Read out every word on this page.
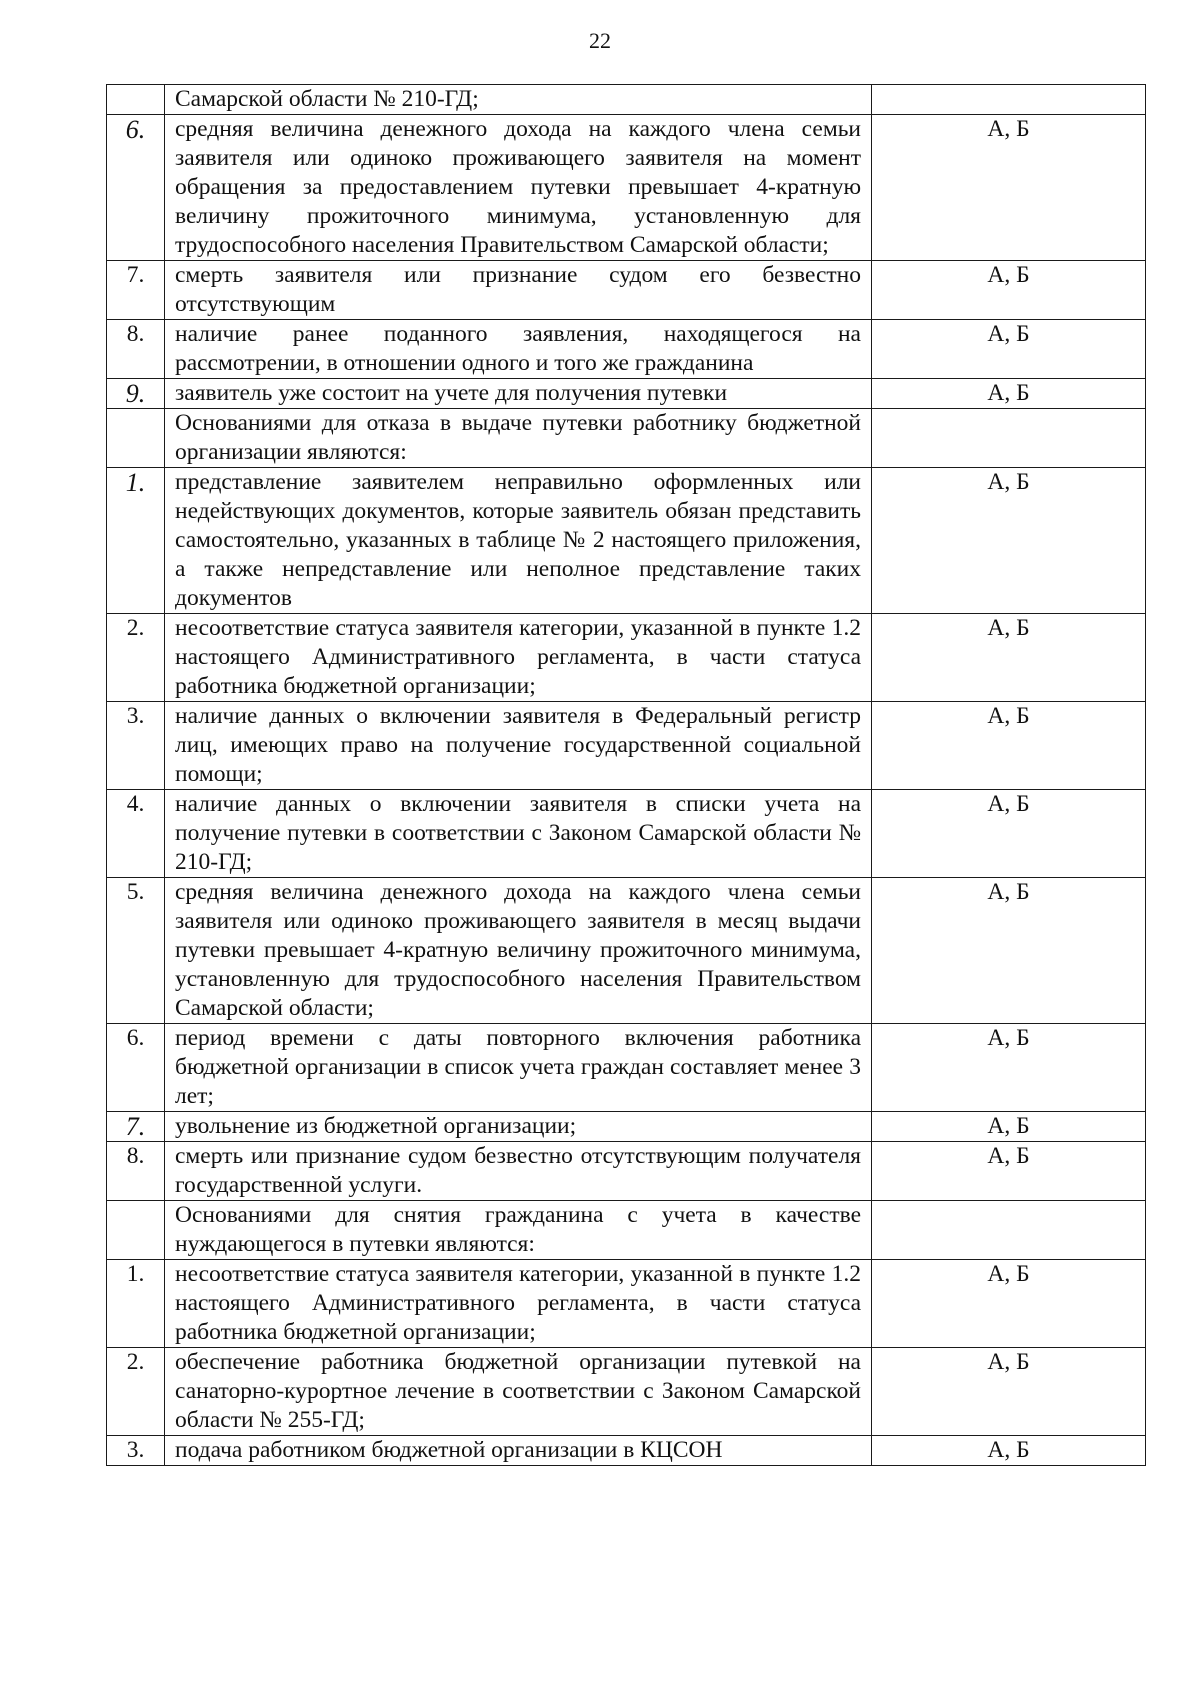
22
	Самарской области № 210-ГД;	
6.	средняя величина денежного дохода на каждого члена семьи заявителя или одиноко проживающего заявителя на момент обращения за предоставлением путевки превышает 4-кратную величину прожиточного минимума, установленную для трудоспособного населения Правительством Самарской области;	А, Б
7.	смерть заявителя или признание судом его безвестно отсутствующим	А, Б
8.	наличие ранее поданного заявления, находящегося на рассмотрении, в отношении одного и того же гражданина	А, Б
9.	заявитель уже состоит на учете для получения путевки	А, Б
	Основаниями для отказа в выдаче путевки работнику бюджетной организации являются:	
1.	представление заявителем неправильно оформленных или недействующих документов, которые заявитель обязан представить самостоятельно, указанных в таблице № 2 настоящего приложения, а также непредставление или неполное представление таких документов	А, Б
2.	несоответствие статуса заявителя категории, указанной в пункте 1.2 настоящего Административного регламента, в части статуса работника бюджетной организации;	А, Б
3.	наличие данных о включении заявителя в Федеральный регистр лиц, имеющих право на получение государственной социальной помощи;	А, Б
4.	наличие данных о включении заявителя в списки учета на получение путевки в соответствии с Законом Самарской области № 210-ГД;	А, Б
5.	средняя величина денежного дохода на каждого члена семьи заявителя или одиноко проживающего заявителя в месяц выдачи путевки превышает 4-кратную величину прожиточного минимума, установленную для трудоспособного населения Правительством Самарской области;	А, Б
6.	период времени с даты повторного включения работника бюджетной организации в список учета граждан составляет менее 3 лет;	А, Б
7.	увольнение из бюджетной организации;	А, Б
8.	смерть или признание судом безвестно отсутствующим получателя государственной услуги.	А, Б
	Основаниями для снятия гражданина с учета в качестве нуждающегося в путевки являются:	
1.	несоответствие статуса заявителя категории, указанной в пункте 1.2 настоящего Административного регламента, в части статуса работника бюджетной организации;	А, Б
2.	обеспечение работника бюджетной организации путевкой на санаторно-курортное лечение в соответствии с Законом Самарской области № 255-ГД;	А, Б
3.	подача работником бюджетной организации в КЦСОН	А, Б
